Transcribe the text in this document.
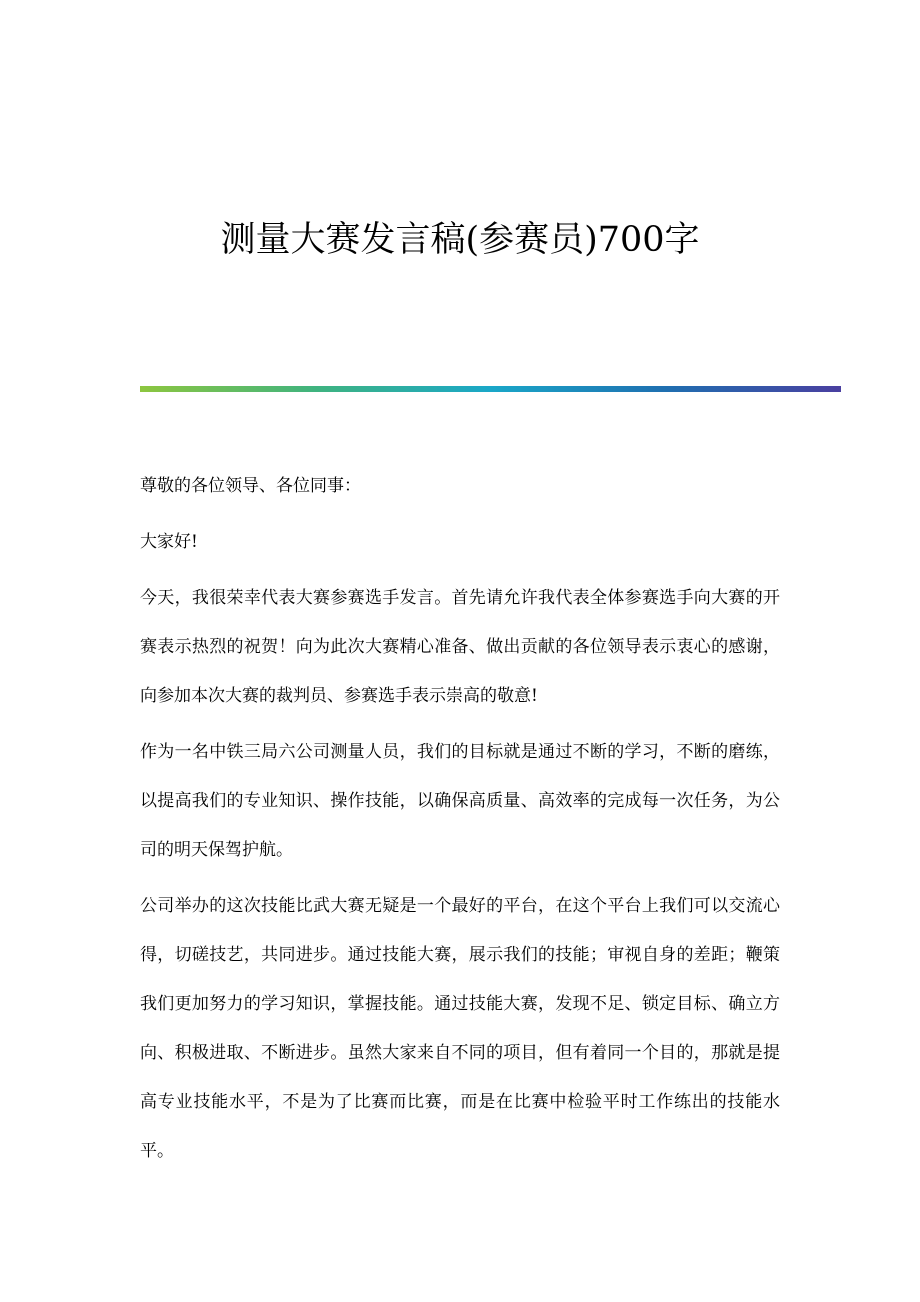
测量大赛发言稿(参赛员)700字

尊敬的各位领导、各位同事：

大家好!

今天，我很荣幸代表大赛参赛选手发言。首先请允许我代表全体参赛选手向大赛的开赛表示热烈的祝贺！向为此次大赛精心准备、做出贡献的各位领导表示衷心的感谢，向参加本次大赛的裁判员、参赛选手表示崇高的敬意!

作为一名中铁三局六公司测量人员，我们的目标就是通过不断的学习，不断的磨练，以提高我们的专业知识、操作技能，以确保高质量、高效率的完成每一次任务，为公司的明天保驾护航。

公司举办的这次技能比武大赛无疑是一个最好的平台，在这个平台上我们可以交流心得，切磋技艺，共同进步。通过技能大赛，展示我们的技能；审视自身的差距；鞭策我们更加努力的学习知识，掌握技能。通过技能大赛，发现不足、锁定目标、确立方向、积极进取、不断进步。虽然大家来自不同的项目，但有着同一个目的，那就是提高专业技能水平，不是为了比赛而比赛，而是在比赛中检验平时工作练出的技能水平。
